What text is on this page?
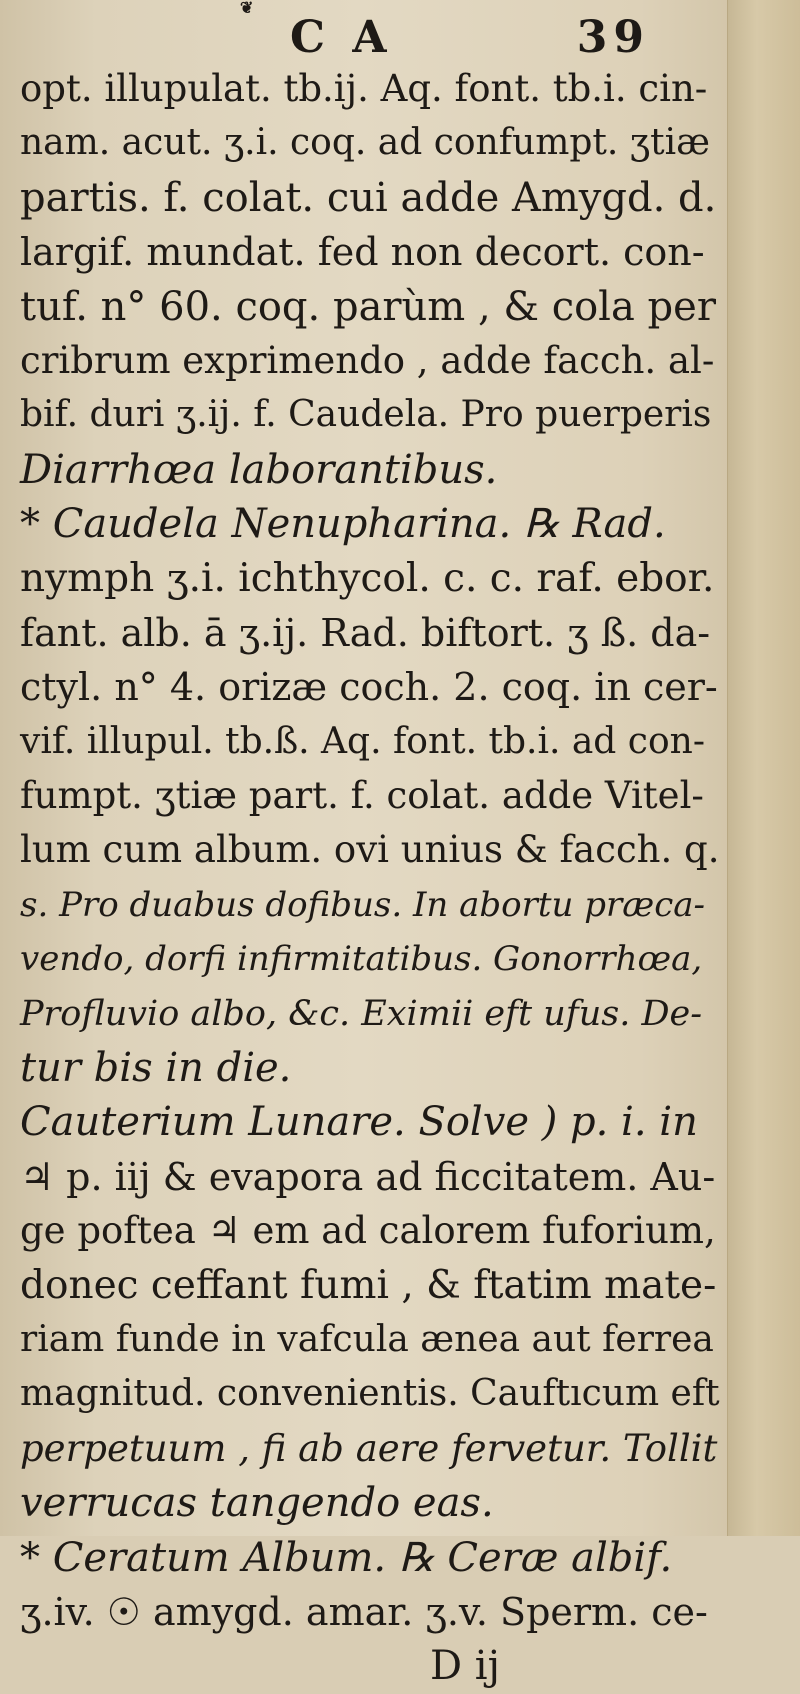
❦
C A	39
opt. illupulat. tb.ij. Aq. font. tb.i. cin-
nam. acut. ʒ.i. coq. ad confumpt. ʒtiæ
partis. f. colat. cui adde Amygd. d.
largif. mundat. fed non decort. con-
tuf. n° 60. coq. parùm , & cola per
cribrum exprimendo , adde facch. al-
bif. duri ʒ.ij. f. Caudela. Pro puerperis
Diarrhœa laborantibus.
* Caudela Nenupharina. ℞ Rad.
nymph ʒ.i. ichthycol. c. c. raf. ebor.
fant. alb. ā ʒ.ij. Rad. biftort. ʒ ß. da-
ctyl. n° 4. orizæ coch. 2. coq. in cer-
vif. illupul. tb.ß. Aq. font. tb.i. ad con-
fumpt. ʒtiæ part. f. colat. adde Vitel-
lum cum album. ovi unius & facch. q.
s. Pro duabus dofibus. In abortu præca-
vendo, dorfi infirmitatibus. Gonorrhœa,
Profluvio albo, &c. Eximii eft ufus. De-
tur bis in die.
Cauterium Lunare. Solve ) p. i. in
♃ p. iij & evapora ad ficcitatem. Au-
ge poftea ♃ em ad calorem fuforium,
donec ceffant fumi , & ftatim mate-
riam funde in vafcula ænea aut ferrea
magnitud. convenientis. Cauftıcum eft
perpetuum , fi ab aere fervetur. Tollit
verrucas tangendo eas.
* Ceratum Album. ℞ Ceræ albif.
ʒ.iv. ☉ amygd. amar. ʒ.v. Sperm. ce-
D ij
